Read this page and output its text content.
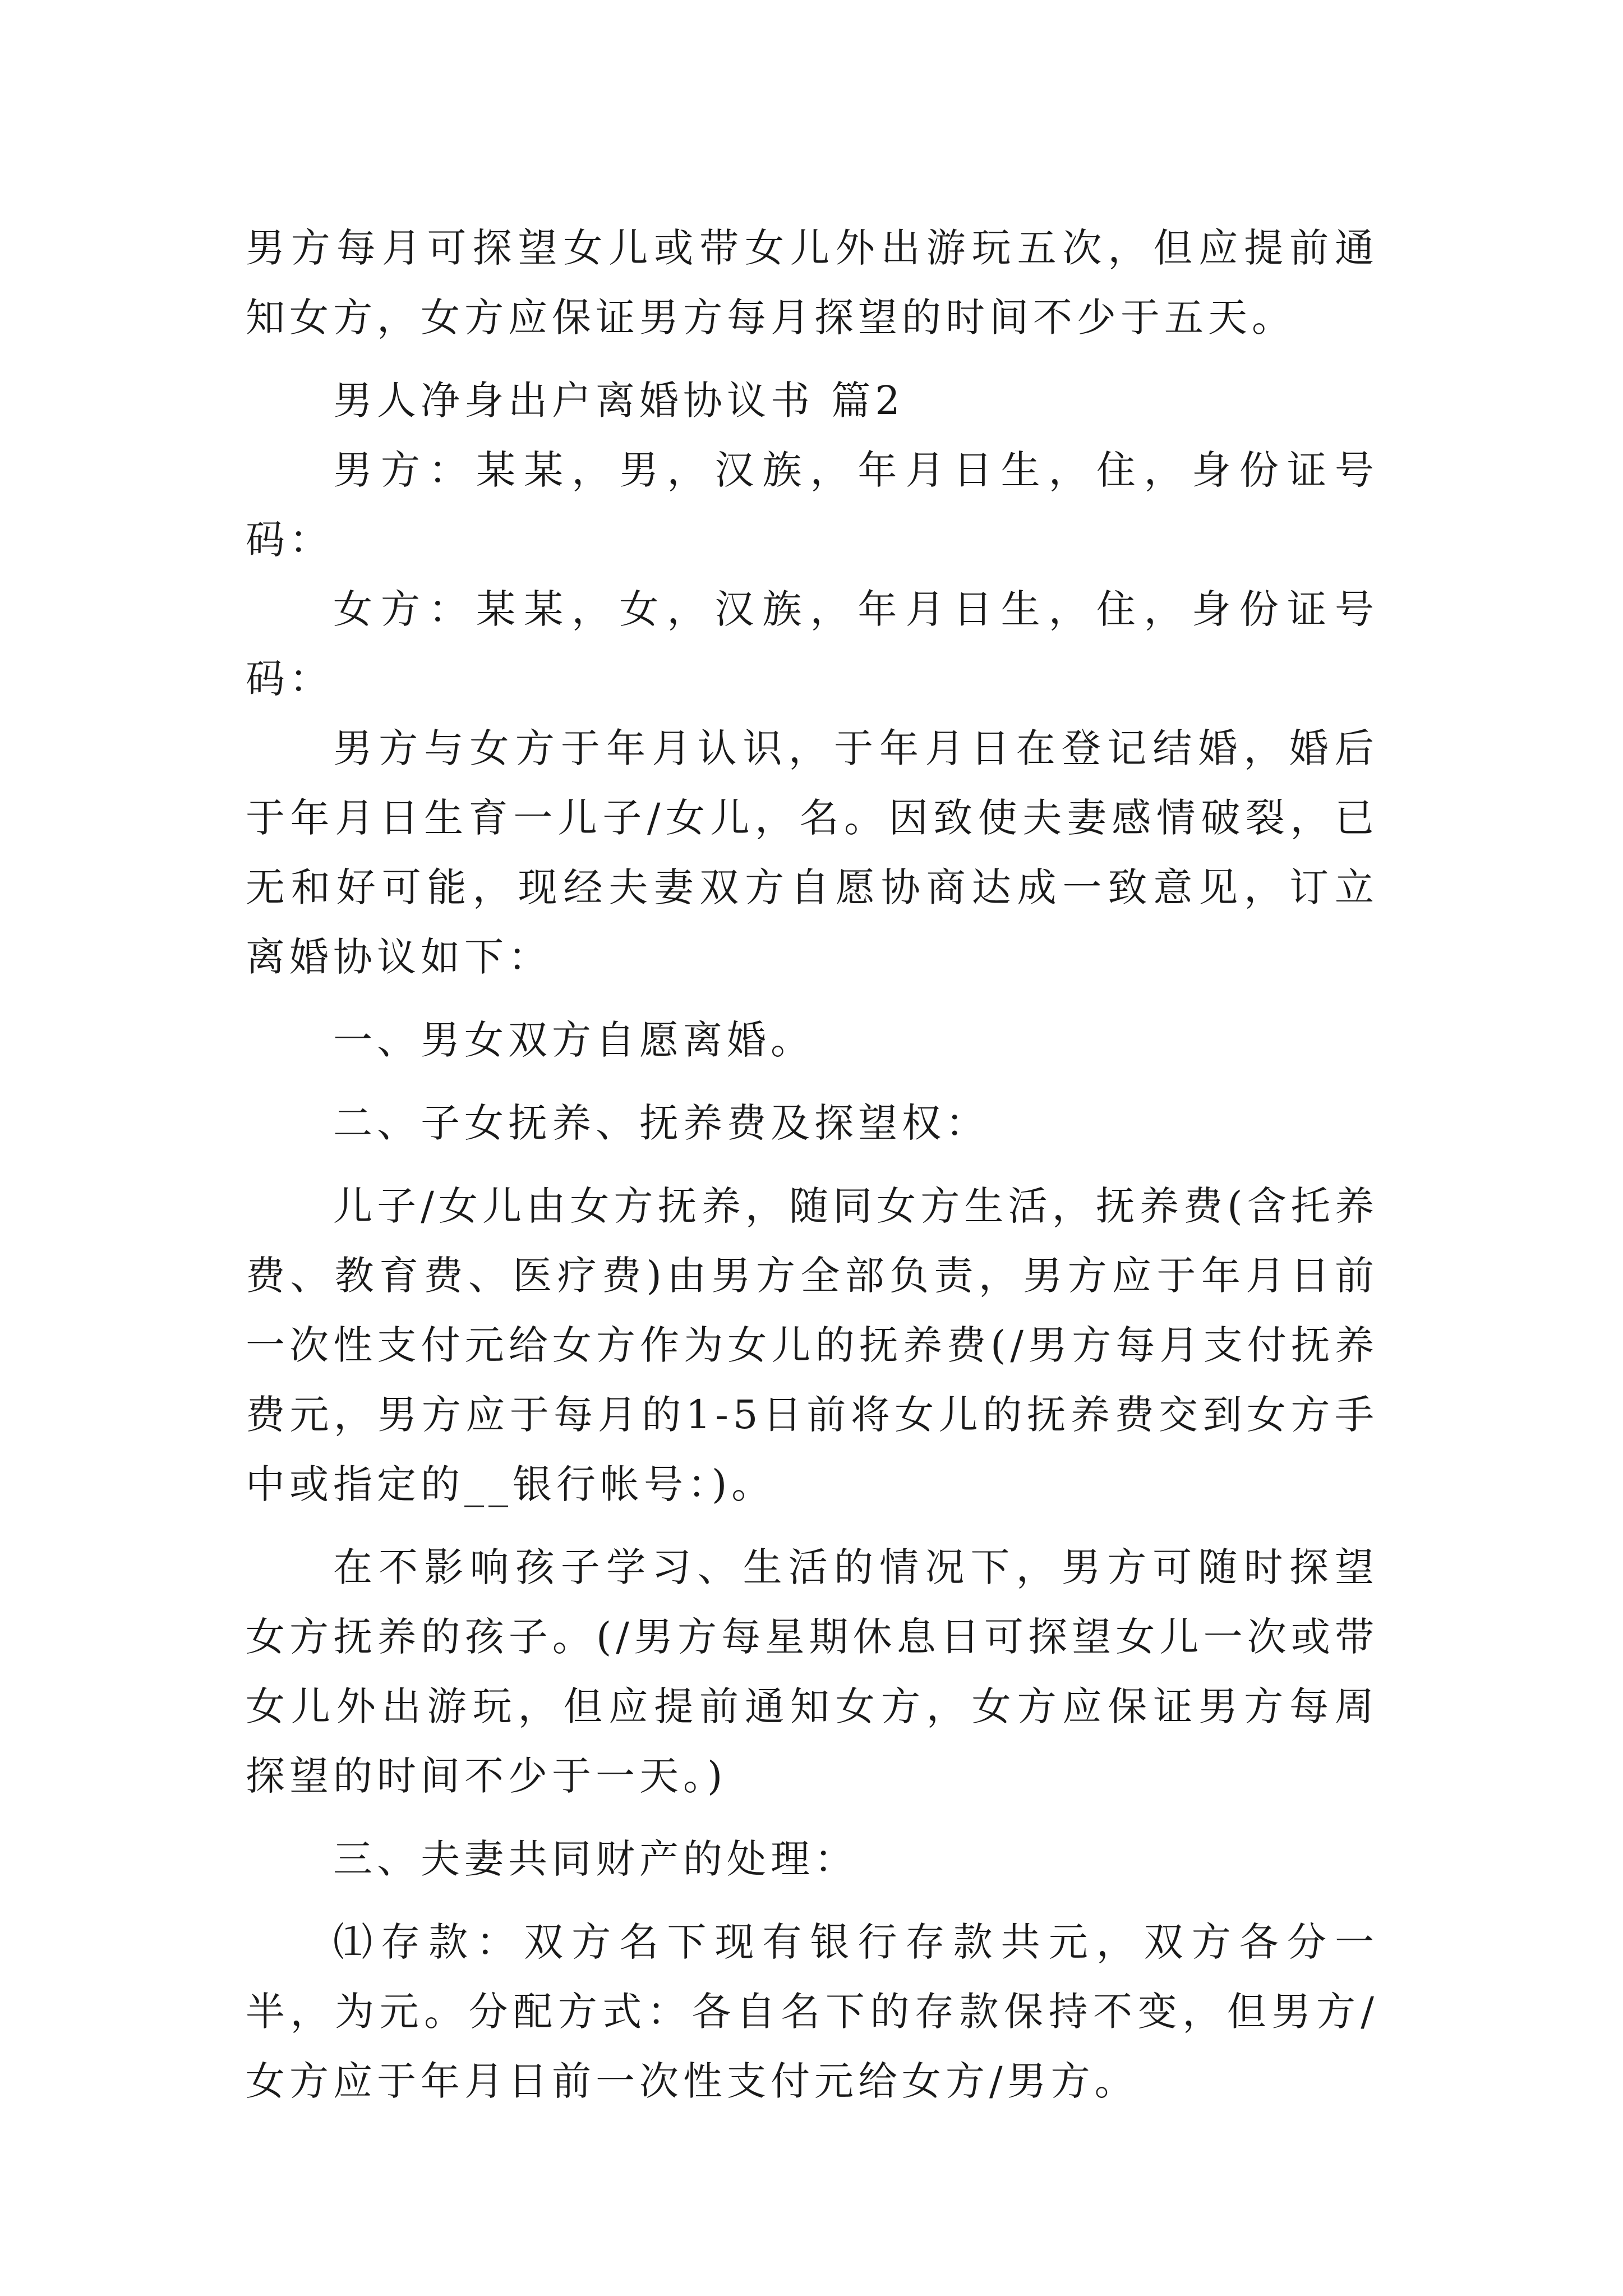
男方每月可探望女儿或带女儿外出游玩五次，但应提前通知女方，女方应保证男方每月探望的时间不少于五天。

男人净身出户离婚协议书 篇2

男方：某某，男，汉族，年月日生，住，身份证号码：

女方：某某，女，汉族，年月日生，住，身份证号码：

男方与女方于年月认识，于年月日在登记结婚，婚后于年月日生育一儿子/女儿，名。因致使夫妻感情破裂，已无和好可能，现经夫妻双方自愿协商达成一致意见，订立离婚协议如下：

一、男女双方自愿离婚。

二、子女抚养、抚养费及探望权：

儿子/女儿由女方抚养，随同女方生活，抚养费(含托养费、教育费、医疗费)由男方全部负责，男方应于年月日前一次性支付元给女方作为女儿的抚养费(/男方每月支付抚养费元，男方应于每月的1-5日前将女儿的抚养费交到女方手中或指定的__银行帐号：)。

在不影响孩子学习、生活的情况下，男方可随时探望女方抚养的孩子。(/男方每星期休息日可探望女儿一次或带女儿外出游玩，但应提前通知女方，女方应保证男方每周探望的时间不少于一天。)

三、夫妻共同财产的处理：

⑴存款：双方名下现有银行存款共元，双方各分一半，为元。分配方式：各自名下的存款保持不变，但男方/女方应于年月日前一次性支付元给女方/男方。
